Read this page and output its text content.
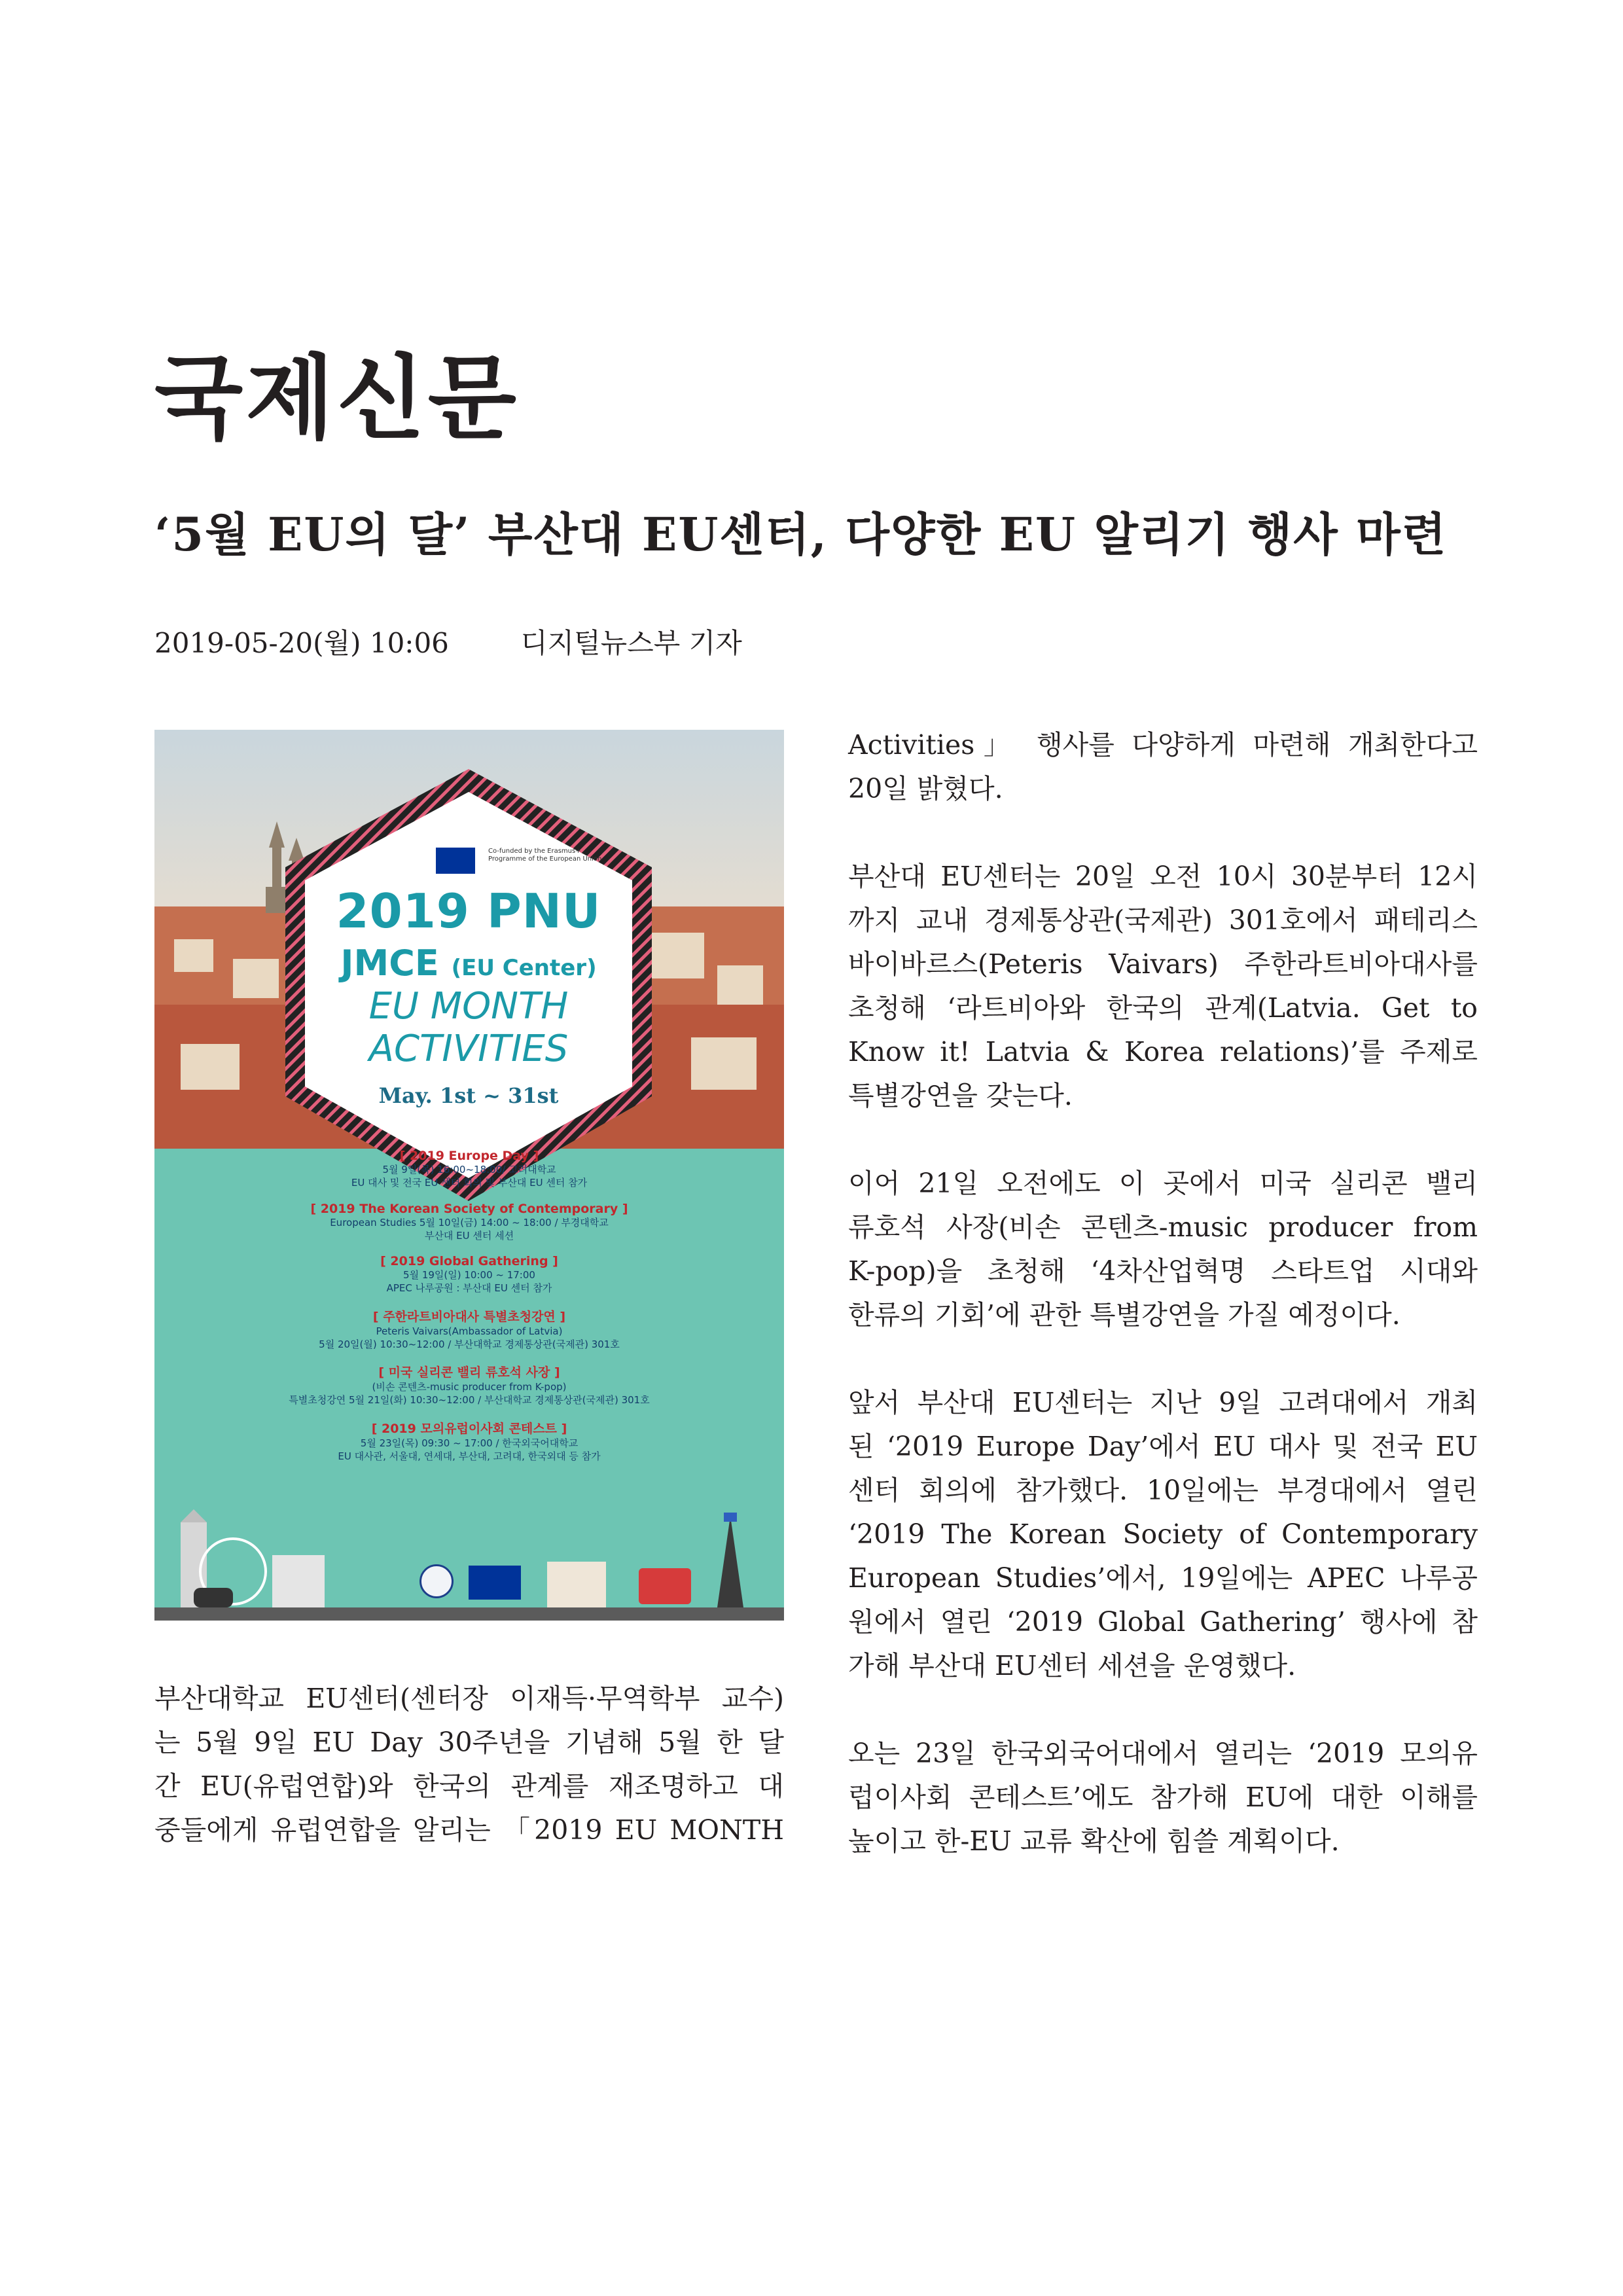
국제신문
‘5월 EU의 달’ 부산대 EU센터, 다양한 EU 알리기 행사 마련
2019-05-20(월) 10:06	디지털뉴스부 기자
Co-funded by the Erasmus+ Programme of the European Union
2019 PNU
JMCE (EU Center)
EU MONTH
ACTIVITIES
May. 1st ~ 31st
[ 2019 Europe Day ]
5월 9일(목) 16:00~18:00/ 고려대학교
EU 대사 및 전국 EU 센터 회의 및 부산대 EU 센터 참가
[ 2019 The Korean Society of Contemporary ]
European Studies 5월 10일(금) 14:00 ~ 18:00 / 부경대학교
부산대 EU 센터 세션
[ 2019 Global Gathering ]
5월 19일(일) 10:00 ~ 17:00
APEC 나루공원 : 부산대 EU 센터 참가
[ 주한라트비아대사 특별초청강연 ]
Peteris Vaivars(Ambassador of Latvia)
5월 20일(월) 10:30~12:00 / 부산대학교 경제통상관(국제관) 301호
[ 미국 실리콘 밸리 류호석 사장 ]
(비손 콘텐츠-music producer from K-pop)
특별초청강연 5월 21일(화) 10:30~12:00 / 부산대학교 경제통상관(국제관) 301호
[ 2019 모의유럽이사회 콘테스트 ]
5월 23일(목) 09:30 ~ 17:00 / 한국외국어대학교
EU 대사관, 서울대, 연세대, 부산대, 고려대, 한국외대 등 참가
부산대학교 EU센터(센터장 이재득·무역학부 교수)
는 5월 9일 EU Day 30주년을 기념해 5월 한 달
간 EU(유럽연합)와 한국의 관계를 재조명하고 대
중들에게 유럽연합을 알리는 「2019 EU MONTH
Activities」 행사를 다양하게 마련해 개최한다고
20일 밝혔다.
부산대 EU센터는 20일 오전 10시 30분부터 12시
까지 교내 경제통상관(국제관) 301호에서 패테리스
바이바르스(Peteris Vaivars) 주한라트비아대사를
초청해 ‘라트비아와 한국의 관계(Latvia. Get to
Know it! Latvia & Korea relations)’를 주제로
특별강연을 갖는다.
이어 21일 오전에도 이 곳에서 미국 실리콘 밸리
류호석 사장(비손 콘텐츠-music producer from
K-pop)을 초청해 ‘4차산업혁명 스타트업 시대와
한류의 기회’에 관한 특별강연을 가질 예정이다.
앞서 부산대 EU센터는 지난 9일 고려대에서 개최
된 ‘2019 Europe Day’에서 EU 대사 및 전국 EU
센터 회의에 참가했다. 10일에는 부경대에서 열린
‘2019 The Korean Society of Contemporary
European Studies’에서, 19일에는 APEC 나루공
원에서 열린 ‘2019 Global Gathering’ 행사에 참
가해 부산대 EU센터 세션을 운영했다.
오는 23일 한국외국어대에서 열리는 ‘2019 모의유
럽이사회 콘테스트’에도 참가해 EU에 대한 이해를
높이고 한-EU 교류 확산에 힘쓸 계획이다.
